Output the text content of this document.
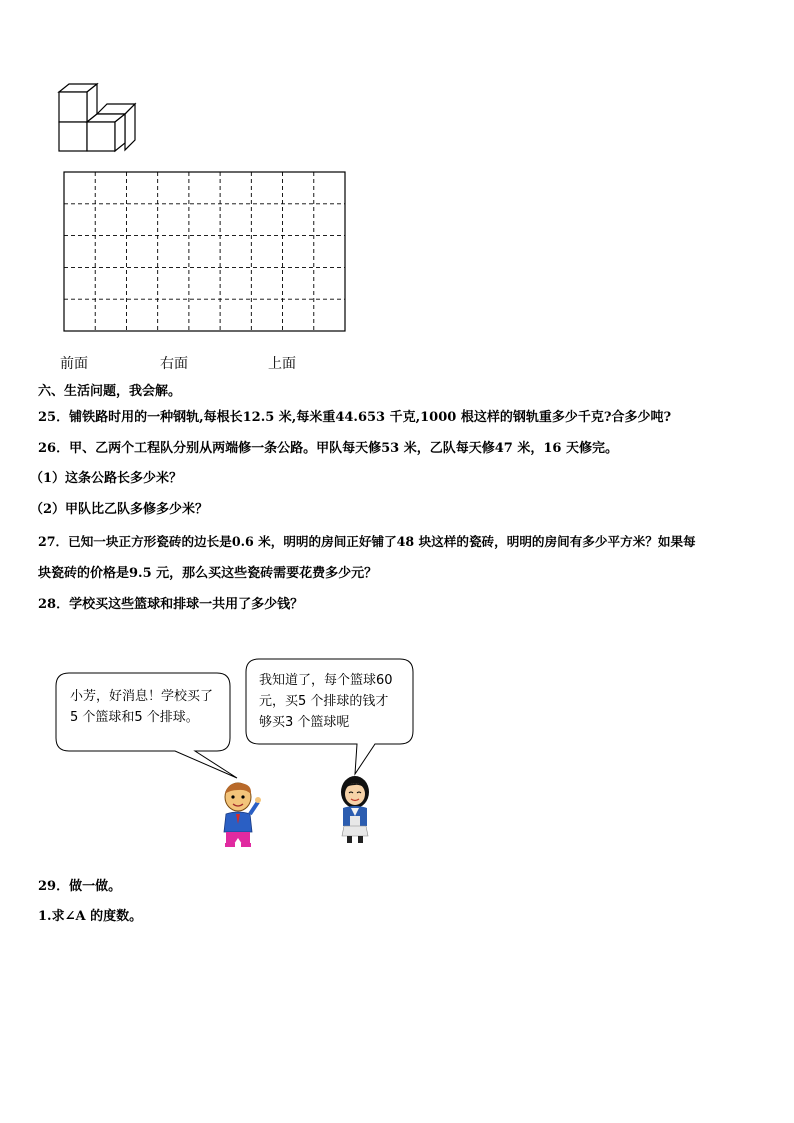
前面	右面	上面
六、生活问题，我会解。
25．铺铁路时用的一种钢轨,每根长12.5 米,每米重44.653 千克,1000 根这样的钢轨重多少千克?合多少吨?
26．甲、乙两个工程队分别从两端修一条公路。甲队每天修53 米，乙队每天修47 米，16 天修完。
（1）这条公路长多少米？
（2）甲队比乙队多修多少米？
27．已知一块正方形瓷砖的边长是0.6 米，明明的房间正好铺了48 块这样的瓷砖，明明的房间有多少平方米？如果每
块瓷砖的价格是9.5 元，那么买这些瓷砖需要花费多少元？
28．学校买这些篮球和排球一共用了多少钱？
小芳，好消息！学校买了
5 个篮球和5 个排球。
我知道了，每个篮球60
元，买5 个排球的钱才
够买3 个篮球呢
29．做一做。
1.求∠A 的度数。
